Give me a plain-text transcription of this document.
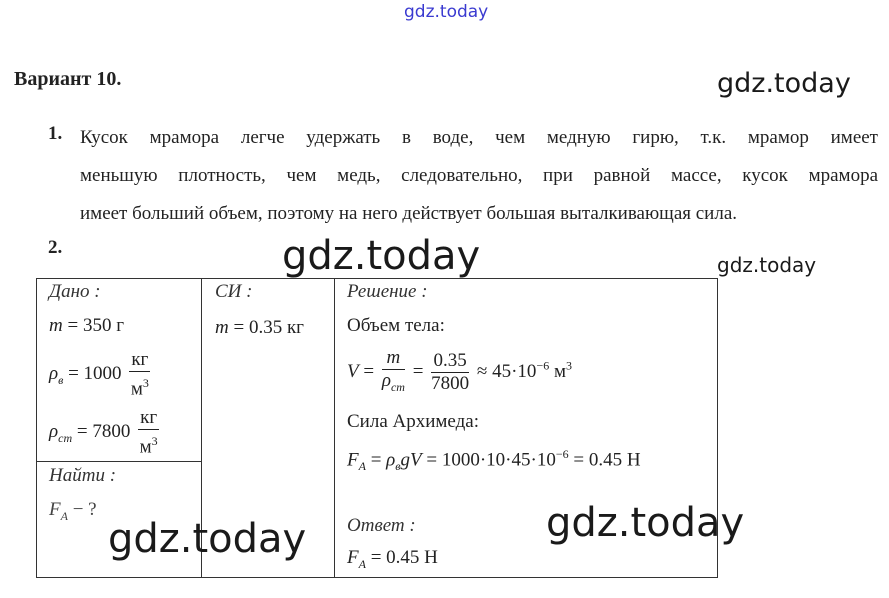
gdz.today
gdz.today
gdz.today	gdz.today
gdz.today	gdz.today
Вариант 10.
1. Кусок мрамора легче удержать в воде, чем медную гирю, т.к. мрамор имеет
меньшую плотность, чем медь, следовательно, при равной массе, кусок мрамора
имеет больший объем, поэтому на него действует большая выталкивающая сила.
2.
Дано :
m = 350 г
$\rho_в = 1000 \frac{кг}{м^3}$
$\rho_{ст} = 7800 \frac{кг}{м^3}$
Найти :
$F_A$ − ?
СИ :
m = 0.35 кг
Решение :
Объем тела:
$V = \frac{m}{\rho_{ст}} = \frac{0.35}{7800} \approx 45\cdot 10^{-6}$ $м^3$
Сила Архимеда:
$F_A = \rho_вgV = 1000\cdot 10\cdot 45\cdot 10^{-6} = 0.45$ Н
Ответ :
$F_A = 0.45$ Н
